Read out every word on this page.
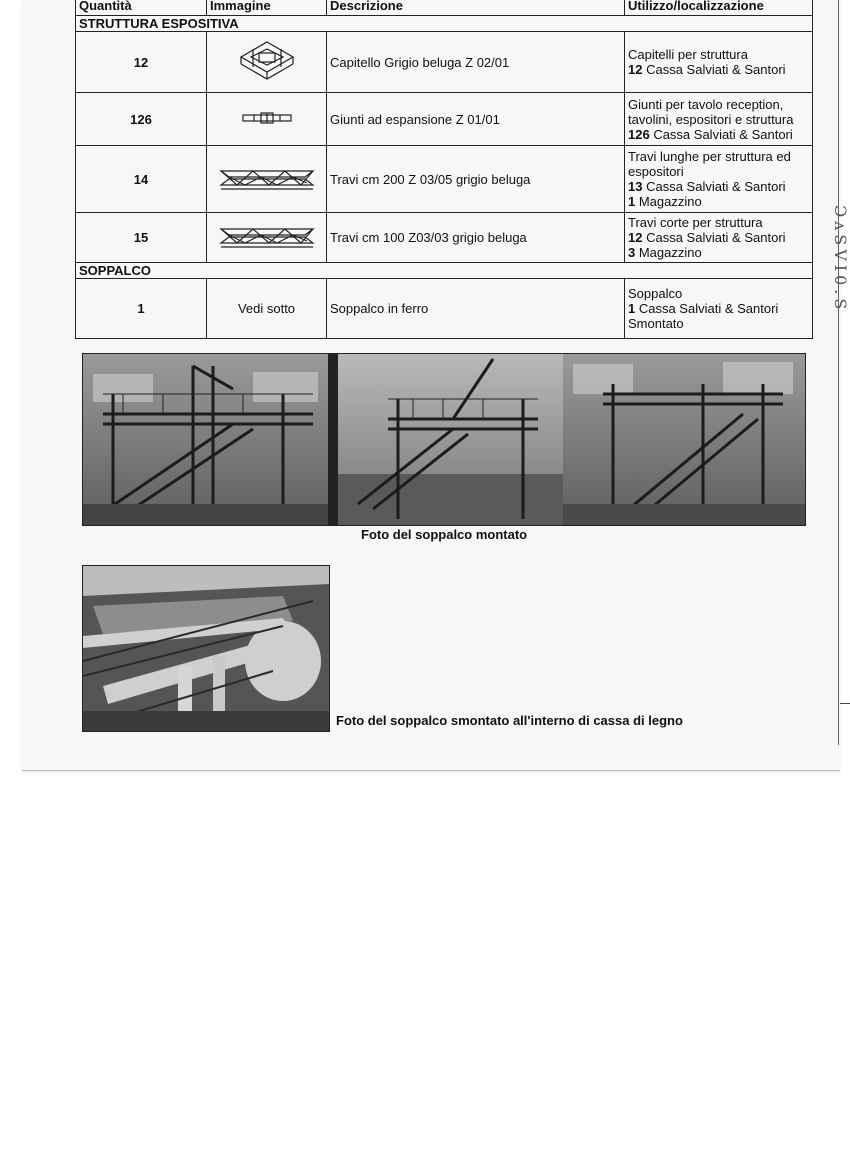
ƆᴧSVI0.S
Quantità	Immagine	Descrizione	Utilizzo/localizzazione
STRUTTURA ESPOSITIVA			
12		Capitello Grigio beluga Z 02/01	Capitelli per struttura
12 Cassa Salviati & Santori

126		Giunti ad espansione Z 01/01	Giunti per tavolo reception,
tavolini, espositori e struttura
126 Cassa Salviati & Santori

14		Travi cm 200 Z 03/05 grigio beluga	Travi lunghe per struttura ed
espositori
13 Cassa Salviati & Santori
1 Magazzino

15		Travi cm 100 Z03/03 grigio beluga	Travi corte per struttura
12 Cassa Salviati & Santori
3 Magazzino

SOPPALCO			
1	Vedi sotto	Soppalco in ferro	Soppalco
1 Cassa Salviati & Santori
Smontato
Foto del soppalco montato
Foto del soppalco smontato all'interno di cassa di legno
